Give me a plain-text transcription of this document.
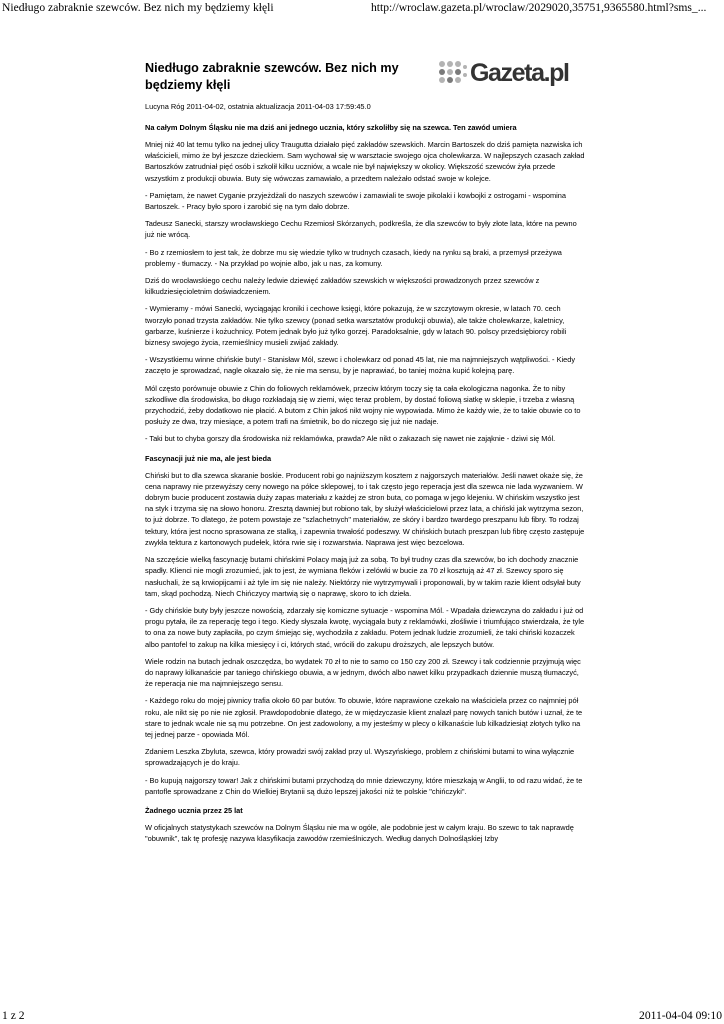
Niedługo zabraknie szewców. Bez nich my będziemy kłęli	http://wroclaw.gazeta.pl/wroclaw/2029020,35751,9365580.html?sms_...
Niedługo zabraknie szewców. Bez nich my będziemy kłęli	Gazeta.pl

Lucyna Róg 2011-04-02, ostatnia aktualizacja 2011-04-03 17:59:45.0

Na całym Dolnym Śląsku nie ma dziś ani jednego ucznia, który szkoliłby się na szewca. Ten zawód umiera

Mniej niż 40 lat temu tylko na jednej ulicy Traugutta działało pięć zakładów szewskich. Marcin Bartoszek do dziś pamięta nazwiska ich właścicieli, mimo że był jeszcze dzieckiem. Sam wychował się w warsztacie swojego ojca cholewkarza. W najlepszych czasach zakład Bartoszków zatrudniał pięć osób i szkolił kilku uczniów, a wcale nie był największy w okolicy. Większość szewców żyła przede wszystkim z produkcji obuwia. Buty się wówczas zamawiało, a przedtem należało odstać swoje w kolejce.

- Pamiętam, że nawet Cyganie przyjeżdżali do naszych szewców i zamawiali te swoje pikolaki i kowbojki z ostrogami - wspomina Bartoszek. - Pracy było sporo i zarobić się na tym dało dobrze.

Tadeusz Sanecki, starszy wrocławskiego Cechu Rzemiosł Skórzanych, podkreśla, że dla szewców to były złote lata, które na pewno już nie wrócą.

- Bo z rzemiosłem to jest tak, że dobrze mu się wiedzie tylko w trudnych czasach, kiedy na rynku są braki, a przemysł przeżywa problemy - tłumaczy. - Na przykład po wojnie albo, jak u nas, za komuny.

Dziś do wrocławskiego cechu należy ledwie dziewięć zakładów szewskich w większości prowadzonych przez szewców z kilkudziesięcioletnim doświadczeniem.

- Wymieramy - mówi Sanecki, wyciągając kroniki i cechowe księgi, które pokazują, że w szczytowym okresie, w latach 70. cech tworzyło ponad trzysta zakładów. Nie tylko szewcy (ponad setka warsztatów produkcji obuwia), ale także cholewkarze, kaletnicy, garbarze, kuśnierze i kożuchnicy. Potem jednak było już tylko gorzej. Paradoksalnie, gdy w latach 90. polscy przedsiębiorcy robili biznesy swojego życia, rzemieślnicy musieli zwijać zakłady.

- Wszystkiemu winne chińskie buty! - Stanisław Mól, szewc i cholewkarz od ponad 45 lat, nie ma najmniejszych wątpliwości. - Kiedy zaczęto je sprowadzać, nagle okazało się, że nie ma sensu, by je naprawiać, bo taniej można kupić kolejną parę.

Mól często porównuje obuwie z Chin do foliowych reklamówek, przeciw którym toczy się ta cała ekologiczna nagonka. Że to niby szkodliwe dla środowiska, bo długo rozkładają się w ziemi, więc teraz problem, by dostać foliową siatkę w sklepie, i trzeba z własną przychodzić, żeby dodatkowo nie płacić. A butom z Chin jakoś nikt wojny nie wypowiada. Mimo że każdy wie, że to takie obuwie co to posłuży ze dwa, trzy miesiące, a potem trafi na śmietnik, bo do niczego się już nie nadaje.

- Taki but to chyba gorszy dla środowiska niż reklamówka, prawda? Ale nikt o zakazach się nawet nie zająknie - dziwi się Mól.

Fascynacji już nie ma, ale jest bieda

Chiński but to dla szewca skaranie boskie. Producent robi go najniższym kosztem z najgorszych materiałów. Jeśli nawet okaże się, że cena naprawy nie przewyższy ceny nowego na półce sklepowej, to i tak często jego reperacja jest dla szewca nie lada wyzwaniem. W dobrym bucie producent zostawia duży zapas materiału z każdej ze stron buta, co pomaga w jego klejeniu. W chińskim wszystko jest na styk i trzyma się na słowo honoru. Zresztą dawniej but robiono tak, by służył właścicielowi przez lata, a chiński jak wytrzyma sezon, to już dobrze. To dlatego, że potem powstaje ze "szlachetnych" materiałów, ze skóry i bardzo twardego preszpanu lub fibry. To rodzaj tektury, która jest nocno sprasowana ze stalką, i zapewnia trwałość podeszwy. W chińskich butach preszpan lub fibrę często zastępuje zwykła tektura z kartonowych pudełek, która rwie się i rozwarstwia. Naprawa jest więc bezcelowa.

Na szczęście wielką fascynację butami chińskimi Polacy mają już za sobą. To był trudny czas dla szewców, bo ich dochody znacznie spadły. Klienci nie mogli zrozumieć, jak to jest, że wymiana fleków i zelówki w bucie za 70 zł kosztują aż 47 zł. Szewcy sporo się nasłuchali, że są krwiopijcami i aż tyle im się nie należy. Niektórzy nie wytrzymywali i proponowali, by w takim razie klient odsyłał buty tam, skąd pochodzą. Niech Chińczycy martwią się o naprawę, skoro to ich dzieła.

- Gdy chińskie buty były jeszcze nowością, zdarzały się komiczne sytuacje - wspomina Mól. - Wpadała dziewczyna do zakładu i już od progu pytała, ile za reperację tego i tego. Kiedy słyszała kwotę, wyciągała buty z reklamówki, złośliwie i triumfująco stwierdzała, że tyle to ona za nowe buty zapłaciła, po czym śmiejąc się, wychodziła z zakładu. Potem jednak ludzie zrozumieli, że taki chiński kozaczek albo pantofel to zakup na kilka miesięcy i ci, których stać, wrócili do zakupu droższych, ale lepszych butów.

Wiele rodzin na butach jednak oszczędza, bo wydatek 70 zł to nie to samo co 150 czy 200 zł. Szewcy i tak codziennie przyjmują więc do naprawy kilkanaście par taniego chińskiego obuwia, a w jednym, dwóch albo nawet kilku przypadkach dziennie muszą tłumaczyć, że reperacja nie ma najmniejszego sensu.

- Każdego roku do mojej piwnicy trafia około 60 par butów. To obuwie, które naprawione czekało na właściciela przez co najmniej pół roku, ale nikt się po nie nie zgłosił. Prawdopodobnie dlatego, że w międzyczasie klient znalazł parę nowych tanich butów i uznał, że te stare to jednak wcale nie są mu potrzebne. On jest zadowolony, a my jesteśmy w plecy o kilkanaście lub kilkadziesiąt złotych tylko na tej jednej parze - opowiada Mól.

Zdaniem Leszka Zbyluta, szewca, który prowadzi swój zakład przy ul. Wyszyńskiego, problem z chińskimi butami to wina wyłącznie sprowadzających je do kraju.

- Bo kupują najgorszy towar! Jak z chińskimi butami przychodzą do mnie dziewczyny, które mieszkają w Anglii, to od razu widać, że te pantofle sprowadzane z Chin do Wielkiej Brytanii są dużo lepszej jakości niż te polskie "chińczyki".

Żadnego ucznia przez 25 lat

W oficjalnych statystykach szewców na Dolnym Śląsku nie ma w ogóle, ale podobnie jest w całym kraju. Bo szewc to tak naprawdę "obuwnik", tak tę profesję nazywa klasyfikacja zawodów rzemieślniczych. Według danych Dolnośląskiej Izby

1 z 2	2011-04-04 09:10
